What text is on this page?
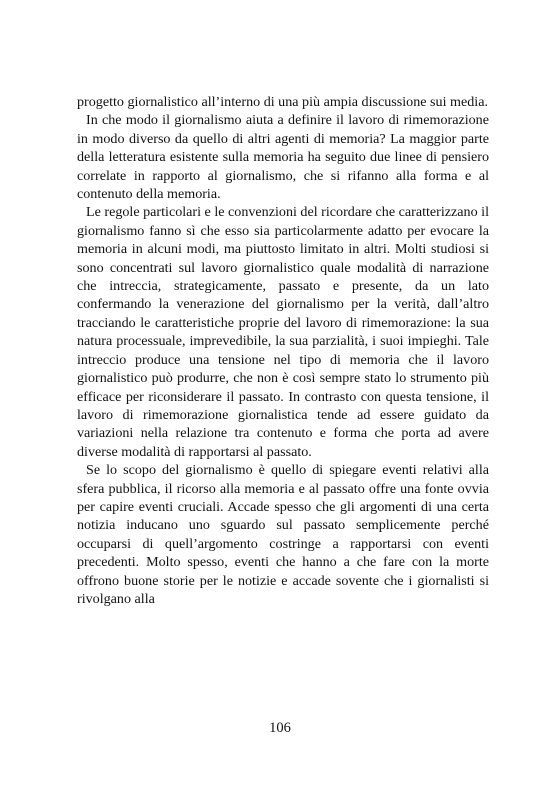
progetto giornalistico all’interno di una più ampia discussione sui media.

In che modo il giornalismo aiuta a definire il lavoro di rimemorazione in modo diverso da quello di altri agenti di memoria? La maggior parte della letteratura esistente sulla memoria ha seguito due linee di pensiero correlate in rapporto al giornalismo, che si rifanno alla forma e al contenuto della memoria.

Le regole particolari e le convenzioni del ricordare che caratterizzano il giornalismo fanno sì che esso sia particolarmente adatto per evocare la memoria in alcuni modi, ma piuttosto limitato in altri. Molti studiosi si sono concentrati sul lavoro giornalistico quale modalità di narrazione che intreccia, strategicamente, passato e presente, da un lato confermando la venerazione del giornalismo per la verità, dall’altro tracciando le caratteristiche proprie del lavoro di rimemorazione: la sua natura processuale, imprevedibile, la sua parzialità, i suoi impieghi. Tale intreccio produce una tensione nel tipo di memoria che il lavoro giornalistico può produrre, che non è così sempre stato lo strumento più efficace per riconsiderare il passato. In contrasto con questa tensione, il lavoro di rimemorazione giornalistica tende ad essere guidato da variazioni nella relazione tra contenuto e forma che porta ad avere diverse modalità di rapportarsi al passato.

Se lo scopo del giornalismo è quello di spiegare eventi relativi alla sfera pubblica, il ricorso alla memoria e al passato offre una fonte ovvia per capire eventi cruciali. Accade spesso che gli argomenti di una certa notizia inducano uno sguardo sul passato semplicemente perché occuparsi di quell’argomento costringe a rapportarsi con eventi precedenti. Molto spesso, eventi che hanno a che fare con la morte offrono buone storie per le notizie e accade sovente che i giornalisti si rivolgano alla

106
